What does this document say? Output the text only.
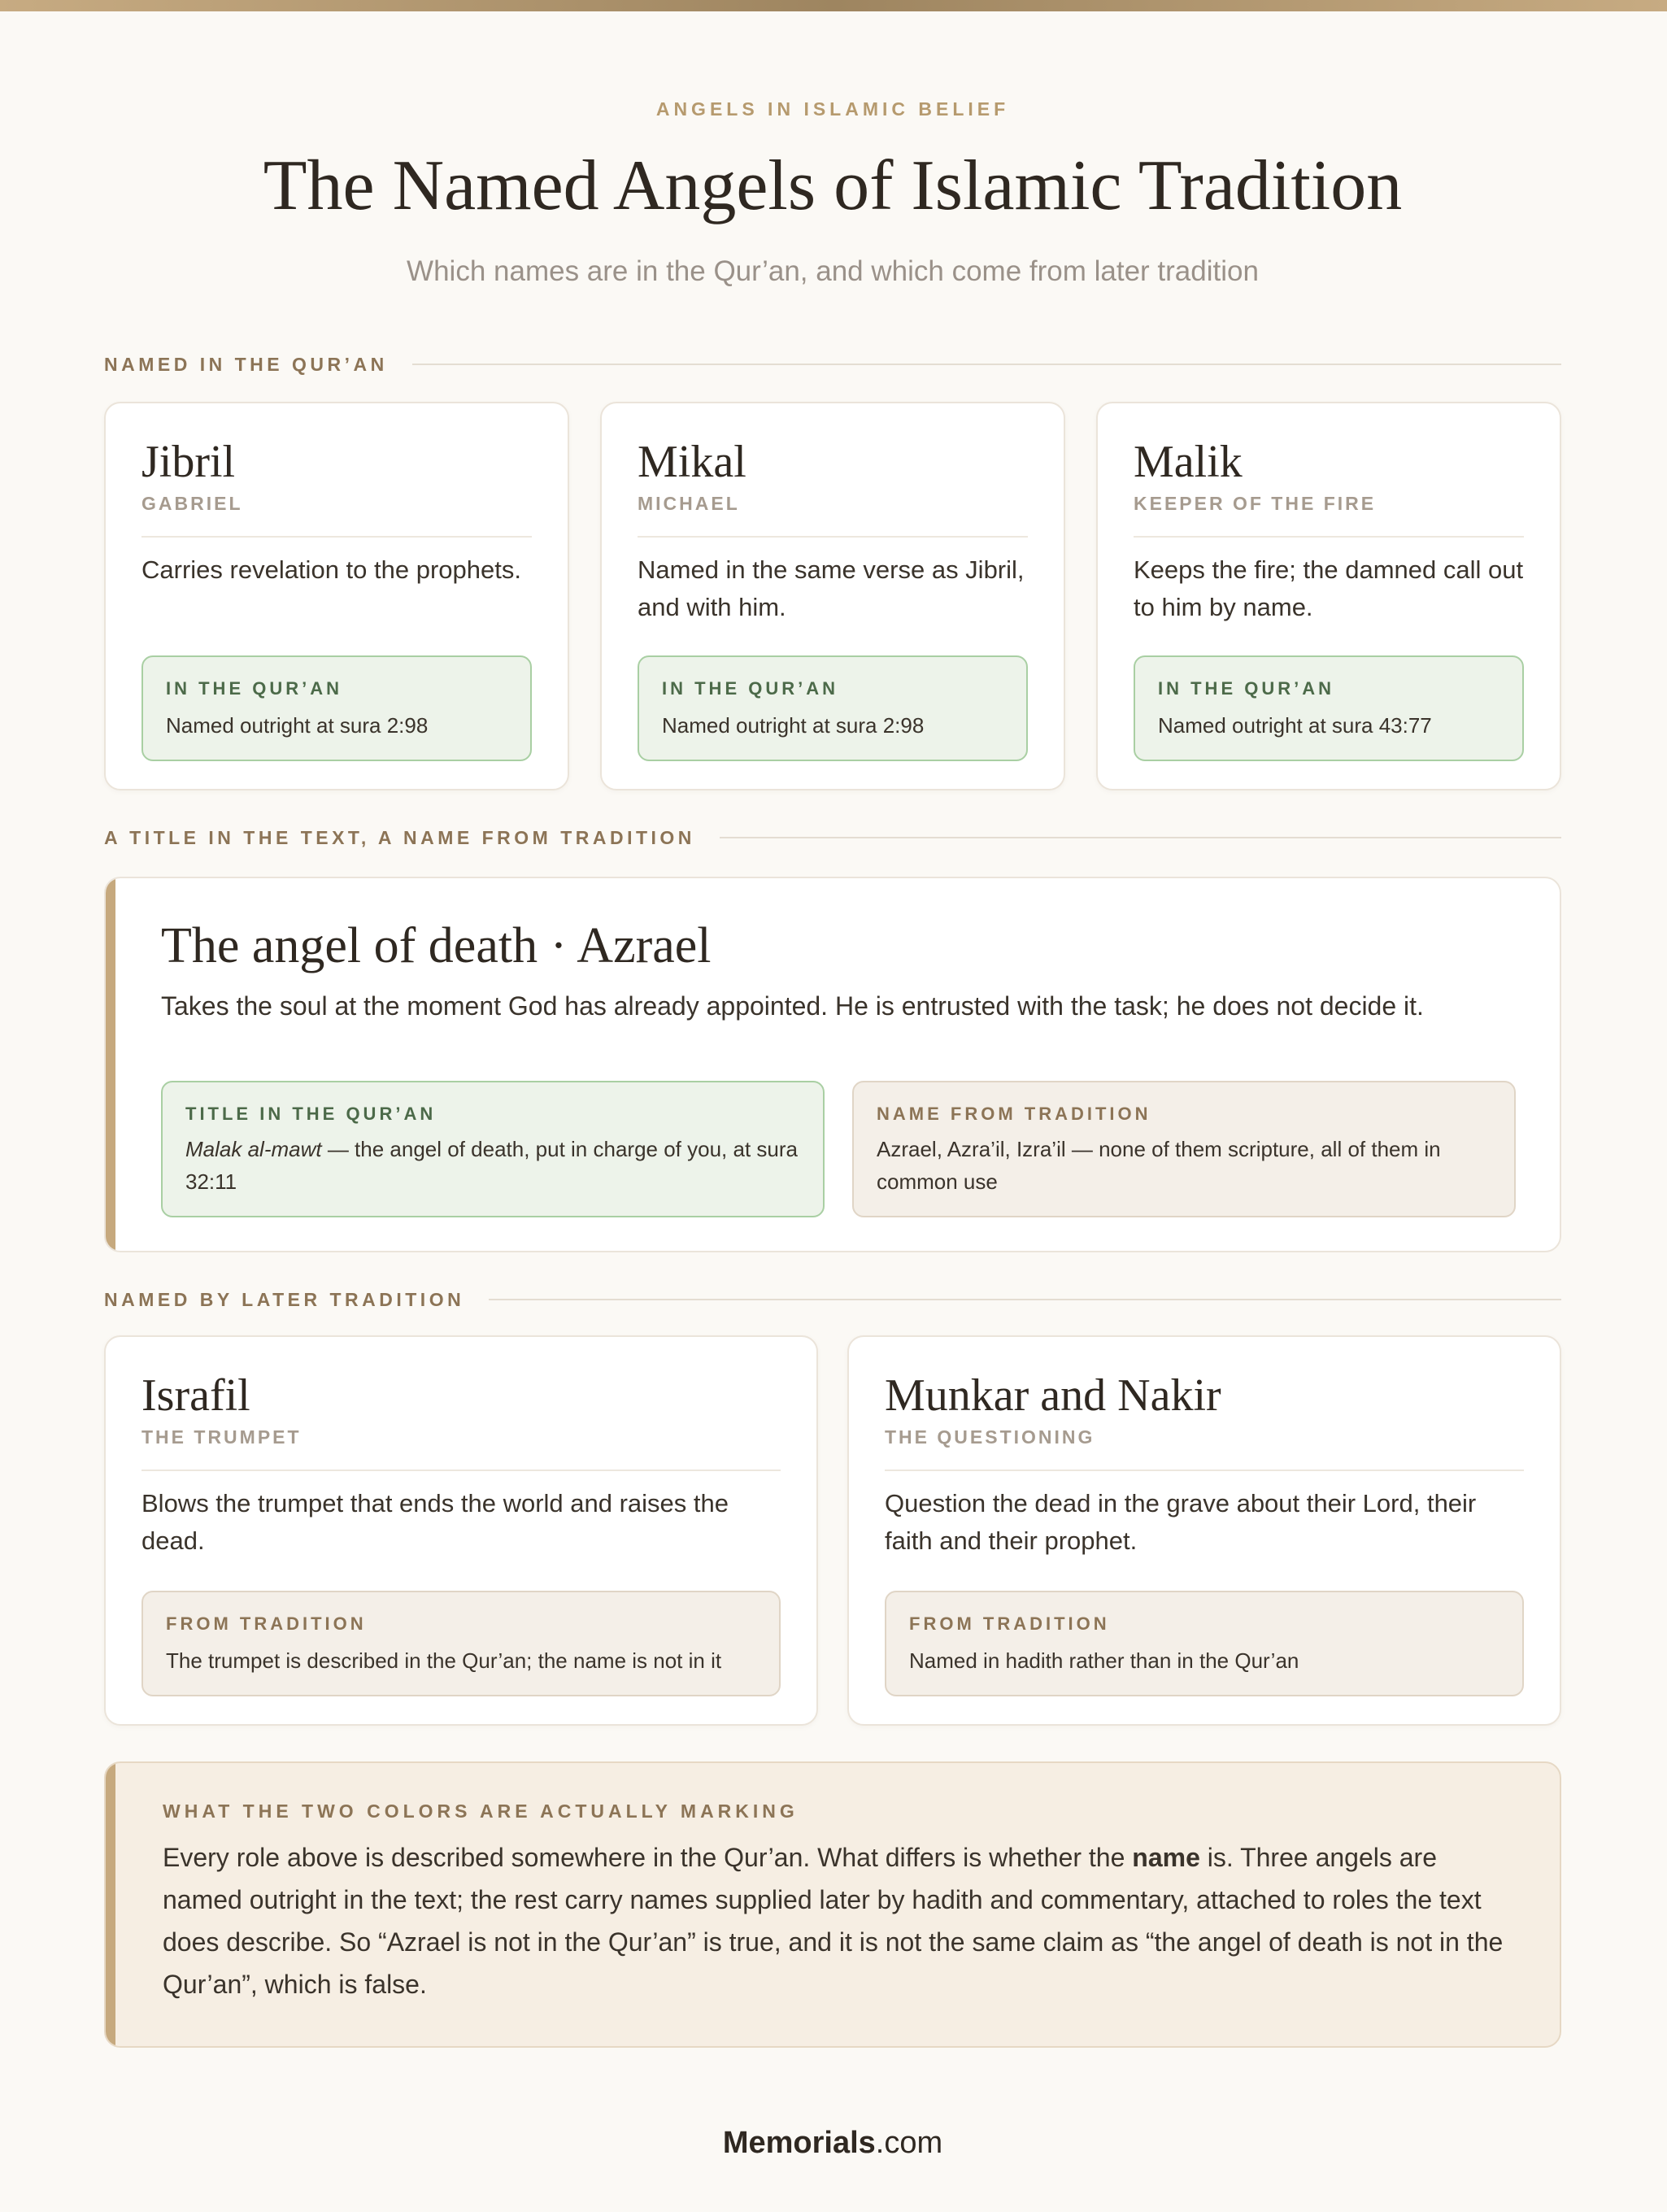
ANGELS IN ISLAMIC BELIEF
The Named Angels of Islamic Tradition
Which names are in the Qur’an, and which come from later tradition
NAMED IN THE QUR’AN
Jibril
GABRIEL
Carries revelation to the prophets.
IN THE QUR’AN
Named outright at sura 2:98
Mikal
MICHAEL
Named in the same verse as Jibril, and with him.
IN THE QUR’AN
Named outright at sura 2:98
Malik
KEEPER OF THE FIRE
Keeps the fire; the damned call out to him by name.
IN THE QUR’AN
Named outright at sura 43:77
A TITLE IN THE TEXT, A NAME FROM TRADITION
The angel of death · Azrael
Takes the soul at the moment God has already appointed. He is entrusted with the task; he does not decide it.
TITLE IN THE QUR’AN
Malak al-mawt — the angel of death, put in charge of you, at sura 32:11
NAME FROM TRADITION
Azrael, Azra’il, Izra’il — none of them scripture, all of them in common use
NAMED BY LATER TRADITION
Israfil
THE TRUMPET
Blows the trumpet that ends the world and raises the dead.
FROM TRADITION
The trumpet is described in the Qur’an; the name is not in it
Munkar and Nakir
THE QUESTIONING
Question the dead in the grave about their Lord, their faith and their prophet.
FROM TRADITION
Named in hadith rather than in the Qur’an
WHAT THE TWO COLORS ARE ACTUALLY MARKING
Every role above is described somewhere in the Qur’an. What differs is whether the name is. Three angels are named outright in the text; the rest carry names supplied later by hadith and commentary, attached to roles the text does describe. So “Azrael is not in the Qur’an” is true, and it is not the same claim as “the angel of death is not in the Qur’an”, which is false.
Memorials.com
